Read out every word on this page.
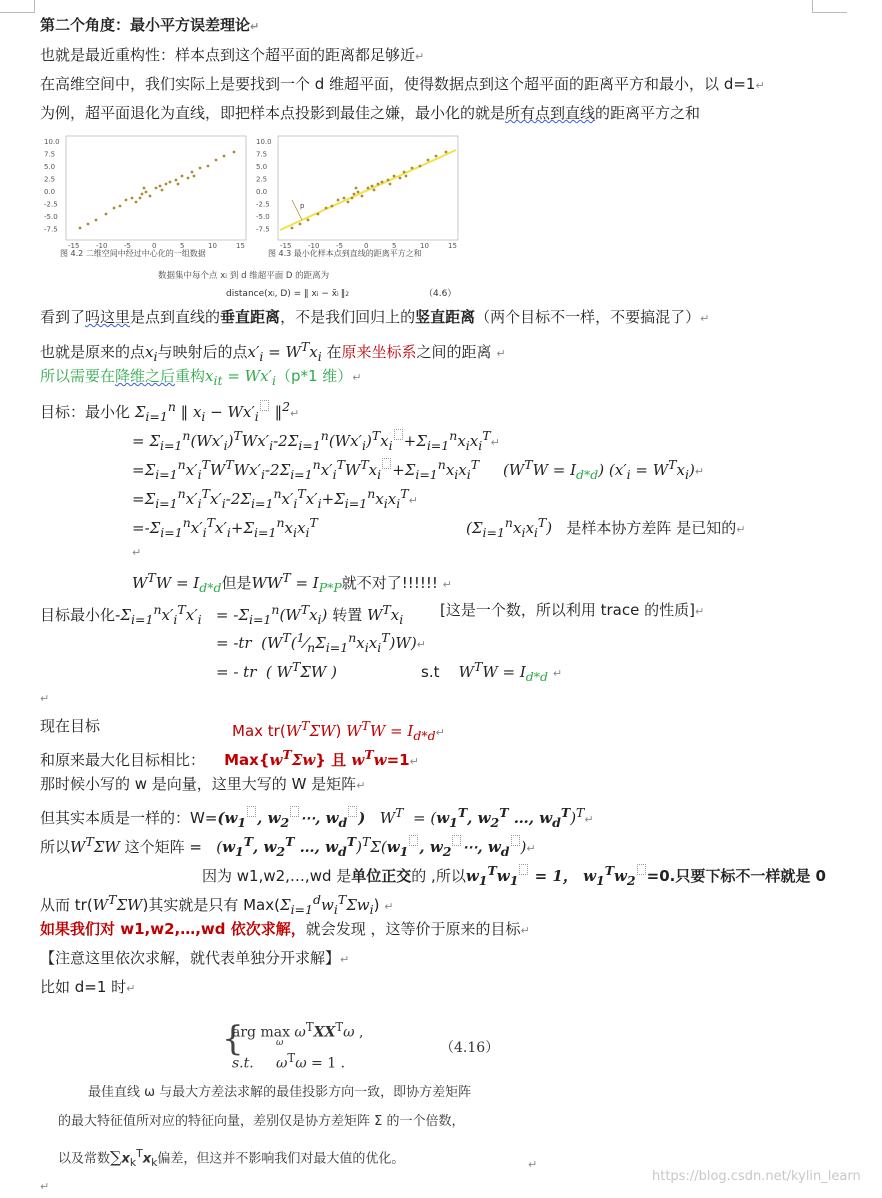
第二个角度：最小平方误差理论↵
也就是最近重构性：样本点到这个超平面的距离都足够近↵
在高维空间中，我们实际上是要找到一个 d 维超平面，使得数据点到这个超平面的距离平方和最小，以 d=1↵
为例，超平面退化为直线，即把样本点投影到最佳之嫌，最小化的就是所有点到直线的距离平方之和
10.0
7.5
5.0
2.5
0.0
-2.5
-5.0
-7.5
-15 -10 -5	0	5	10	15
图 4.2 二维空间中经过中心化的一组数据
10.0
7.5
5.0
2.5
0.0
-2.5
-5.0
-7.5
-15 -10 -5	0	5	10	15
p
图 4.3 最小化样本点到直线的距离平方之和
数据集中每个点 xi 到 d 维超平面 D 的距离为
distance(xi, D) = ‖ xi − x̃i ‖2	（4.6）
看到了吗这里是点到直线的垂直距离，不是我们回归上的竖直距离（两个目标不一样，不要搞混了）↵
也就是原来的点$x_i$与映射后的点$x'_i = W^Tx_i$ 在原来坐标系之间的距离 ↵
所以需要在降维之后重构$x_{it} = Wx'_i(p*1$ 维）↵
目标：最小化 $\Sigma_{i=1}^n$ ‖ $x_i - Wx'_i$ ‖$^2$↵
= $\Sigma_{i=1}^n(Wx'_i)^TWx'_i-2\Sigma_{i=1}^n(Wx'_i)^Tx_i$ $+\Sigma_{i=1}^nx_ix_i^T↵$
$=\Sigma_{i=1}^nx'_i^TW^TWx'_i-2\Sigma_{i=1}^nx'_i^TW^Tx_i +\Sigma_{i=1}^nx_ix_i^T$     $(W^TW = I_{d*d}) (x'_i$ = $W^Tx_i)↵$
$=\Sigma_{i=1}^nx'_i^Tx'_i-2\Sigma_{i=1}^nx'_i^Tx'_i+\Sigma_{i=1}^nx_ix_i^T↵$
$=-\Sigma_{i=1}^nx'_i^Tx'_i+\Sigma_{i=1}^nx_ix_i^T$	$(\Sigma_{i=1}^nx_ix_i^T)$ 是样本协方差阵 是已知的↵
↵
$W^TW = I_{d*d}$但是$WW^T = I_{P*P}$就不对了!!!!!! ↵
目标最小化$-\Sigma_{i=1}^nx'_i^Tx'_i = -\Sigma_{i=1}^n(W^Tx_i)$ 转置 $W^Tx_i$
[这是一个数，所以利用 trace 的性质]↵
= -tr  $(W^T(^1⁄_n\Sigma_{i=1}^nx_ix_i^T)W)↵$
= - tr  ( $W^T\Sigma W$ )	s.t $W^TW = I_{d*d}$ ↵
↵
现在目标	Max $tr(W^T\Sigma W) W^TW$ = $I_{d*d}↵$
和原来最大化目标相比： $Max\{w^T\Sigma w\}$ 且 $w^Tw=1↵$
那时候小写的 w 是向量，这里大写的 W 是矩阵↵
但其实本质是一样的：$W=(w_1$ , $w_2$ ⋯, $w_d$ ) $W^T = (w_1^T$, $w_2^T$ …, $w_d^T)^T↵$
所以$W^T\Sigma W$ 这个矩阵 = ($w_1^T$, $w_2^T$ …, $w_d^T)^T\Sigma(w_1$ , $w_2$ ⋯, $w_d$ )↵
因为 w1,w2,…,wd 是单位正交的 ,所以$w_1^Tw_1 = 1$， $w_1^Tw_2 =0$.只要下标不一样就是 0
从而 $tr(W^T\Sigma W)$其实就是只有 $Max(\Sigma_{i=1}^dw_i^T\Sigma w_i)$ ↵
如果我们对 w1,w2,…,wd 依次求解，就会发现 ，这等价于原来的目标↵
【注意这里依次求解，就代表单独分开求解】↵
比如 d=1 时↵
{
arg $\max \omega^TXX^T\omega$ ,
ω
s.t. $\omega^T\omega = 1$ .
（4.16）
最佳直线 ω 与最大方差法求解的最佳投影方向一致，即协方差矩阵
的最大特征值所对应的特征向量，差别仅是协方差矩阵 Σ 的一个倍数，
以及常数$\sum x_k^Tx_k$偏差，但这并不影响我们对最大值的优化。	↵
↵
https://blog.csdn.net/kylin_learn
